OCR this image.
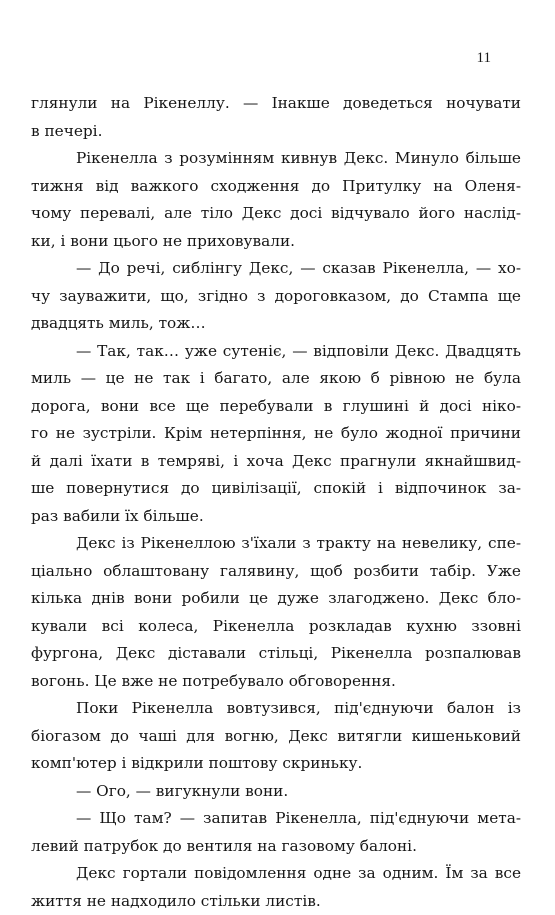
11
глянули на Рікенеллу. — Інакше доведеться ночувати
в печері.
Рікенелла з розумінням кивнув Декс. Минуло більше
тижня від важкого сходження до Притулку на Оленя-
чому перевалі, але тіло Декс досі відчувало його наслід-
ки, і вони цього не приховували.
— До речі, сиблінгу Декс, — сказав Рікенелла, — хо-
чу зауважити, що, згідно з дороговказом, до Стампа ще
двадцять миль, тож…
— Так, так… уже сутеніє, — відповіли Декс. Двадцять
миль — це не так і багато, але якою б рівною не була
дорога, вони все ще перебували в глушині й досі ніко-
го не зустріли. Крім нетерпіння, не було жодної причини
й далі їхати в темряві, і хоча Декс прагнули якнайшвид-
ше повернутися до цивілізації, спокій і відпочинок за-
раз вабили їх більше.
Декс із Рікенеллою з'їхали з тракту на невелику, спе-
ціально облаштовану галявину, щоб розбити табір. Уже
кілька днів вони робили це дуже злагоджено. Декс бло-
кували всі колеса, Рікенелла розкладав кухню ззовні
фургона, Декс діставали стільці, Рікенелла розпалював
вогонь. Це вже не потребувало обговорення.
Поки Рікенелла вовтузився, під'єднуючи балон із
біогазом до чаші для вогню, Декс витягли кишеньковий
комп'ютер і відкрили поштову скриньку.
— Ого, — вигукнули вони.
— Що там? — запитав Рікенелла, під'єднуючи мета-
левий патрубок до вентиля на газовому балоні.
Декс гортали повідомлення одне за одним. Їм за все
життя не надходило стільки листів.
